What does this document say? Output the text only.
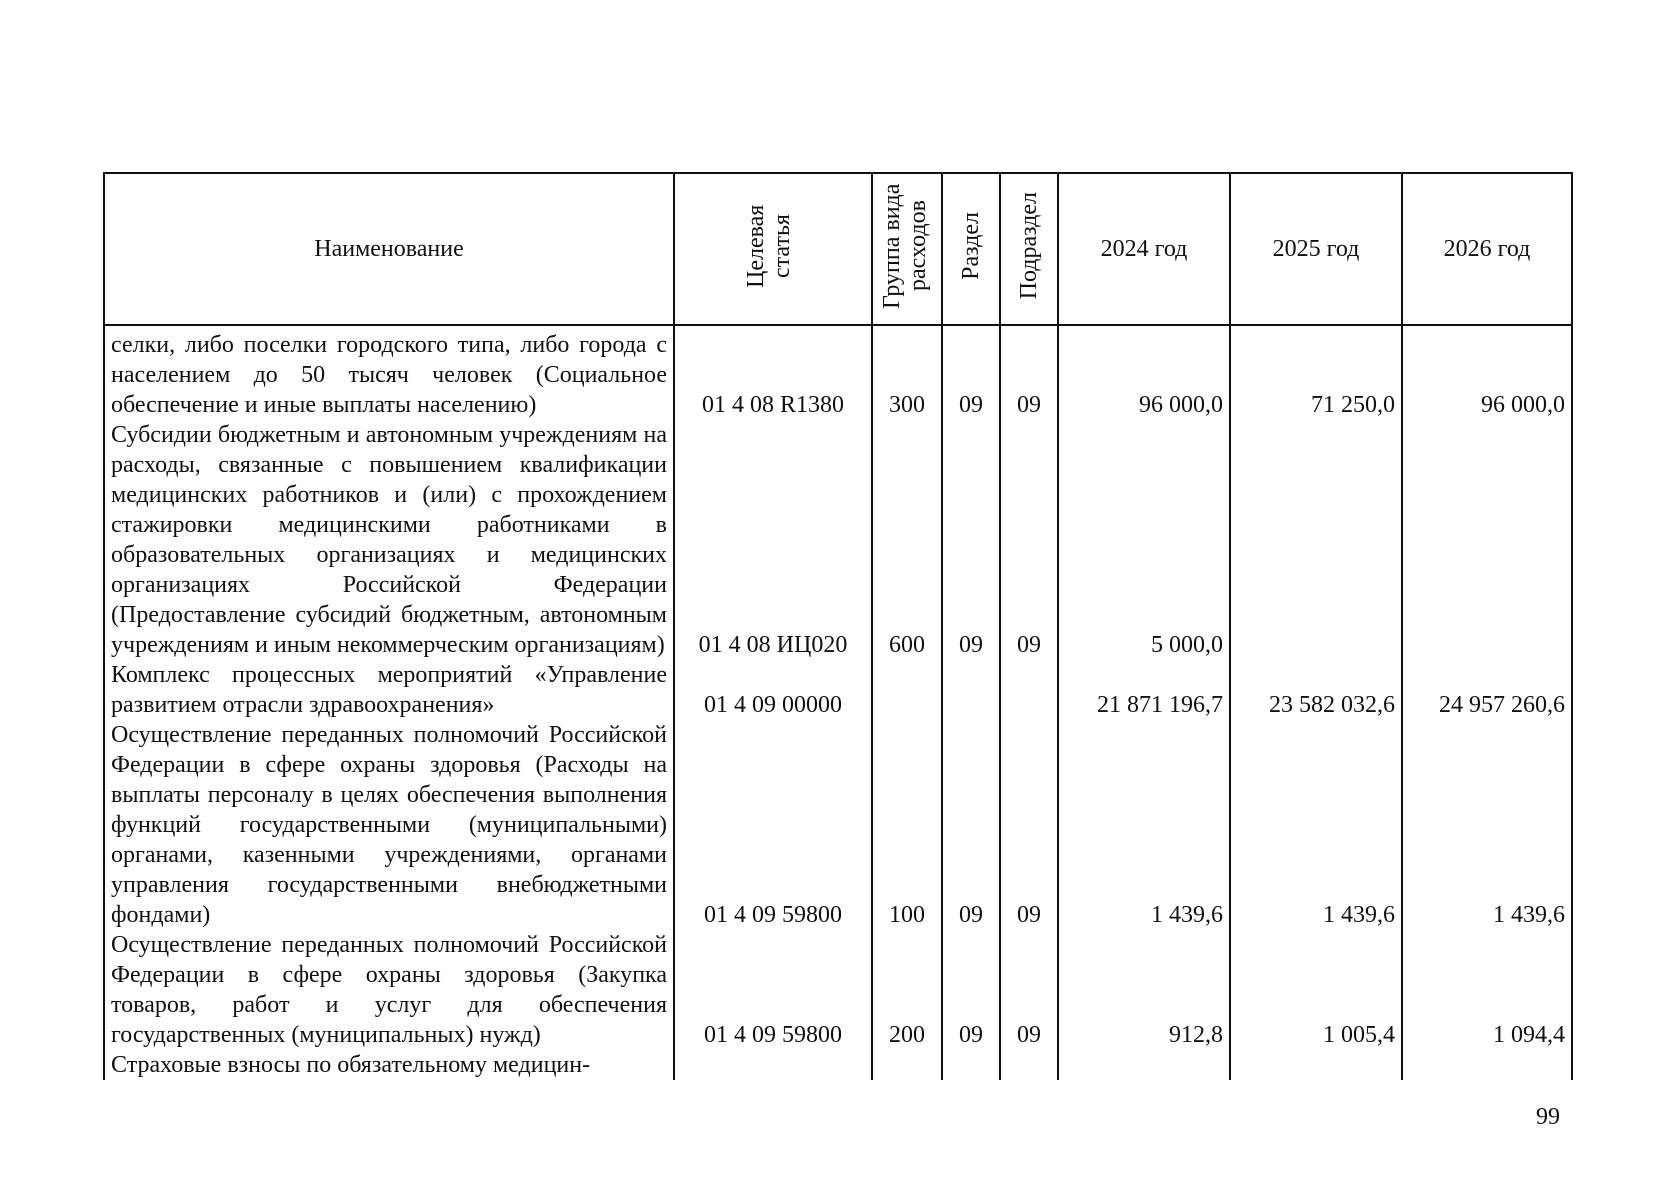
Наименование	Целевая статья	Группа вида расходов	Раздел	Подраздел	2024 год	2025 год	2026 год
селки, либо поселки городского типа, либо города с населением до 50 тысяч человек (Социальное обеспечение и иные выплаты населению)	01 4 08 R1380	300	09	09	96 000,0	71 250,0	96 000,0
Субсидии бюджетным и автономным учреждениям на расходы, связанные с повышением квалификации медицинских работников и (или) с прохождением стажировки медицинскими работниками в образовательных организациях и медицинских организациях Российской Федерации (Предоставление субсидий бюджетным, автономным учреждениям и иным некоммерческим организациям)	01 4 08 ИЦ020	600	09	09	5 000,0		
Комплекс процессных мероприятий «Управление развитием отрасли здравоохранения»	01 4 09 00000				21 871 196,7	23 582 032,6	24 957 260,6
Осуществление переданных полномочий Российской Федерации в сфере охраны здоровья (Расходы на выплаты персоналу в целях обеспечения выполнения функций государственными (муниципальными) органами, казенными учреждениями, органами управления государственными внебюджетными фондами)	01 4 09 59800	100	09	09	1 439,6	1 439,6	1 439,6
Осуществление переданных полномочий Российской Федерации в сфере охраны здоровья (Закупка товаров, работ и услуг для обеспечения государственных (муниципальных) нужд)	01 4 09 59800	200	09	09	912,8	1 005,4	1 094,4
Страховые взносы по обязательному медицин-							
99
